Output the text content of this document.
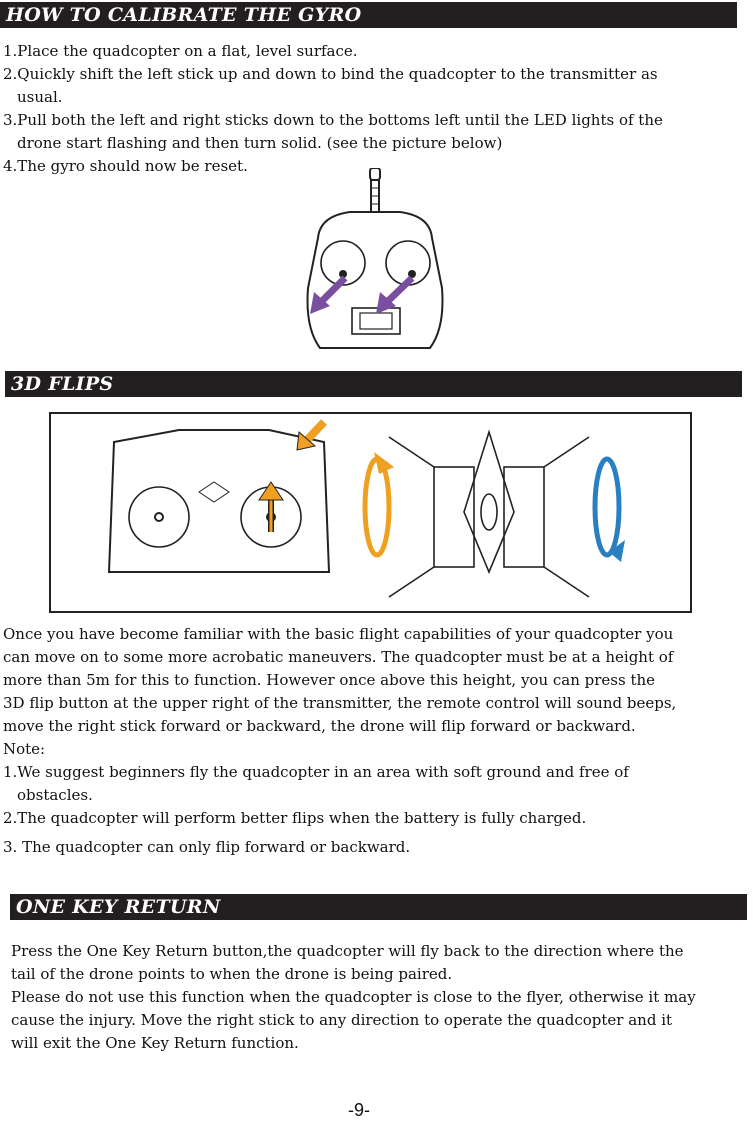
HOW TO CALIBRATE THE GYRO
1.Place the quadcopter on a flat, level surface.
2.Quickly shift the left stick up and down to bind the quadcopter to the transmitter as
usual.
3.Pull both the left and right sticks down to the bottoms left until the LED lights of the
drone start flashing and then turn solid. (see the picture below)
4.The gyro should now be reset.
3D FLIPS
Once you have become familiar with the basic flight capabilities of your quadcopter you
can move on to some more acrobatic maneuvers. The quadcopter must be at a height of
more than 5m for this to function. However once above this height, you can press the
3D flip button at the upper right of the transmitter, the remote control will sound beeps,
move the right stick forward or backward, the drone will flip forward or backward.
Note:
1.We suggest beginners fly the quadcopter in an area with soft ground and free of
obstacles.
2.The quadcopter will perform better flips when the battery is fully charged.
3. The quadcopter can only flip forward or backward.
ONE KEY RETURN
Press the One Key Return button,the quadcopter will fly back to the direction where the
tail of the drone points to when the drone is being paired.
Please do not use this function when the quadcopter is close to the flyer, otherwise it may
cause the injury. Move the right stick to any direction to operate the quadcopter and it
will exit the One Key Return function.
-9-
